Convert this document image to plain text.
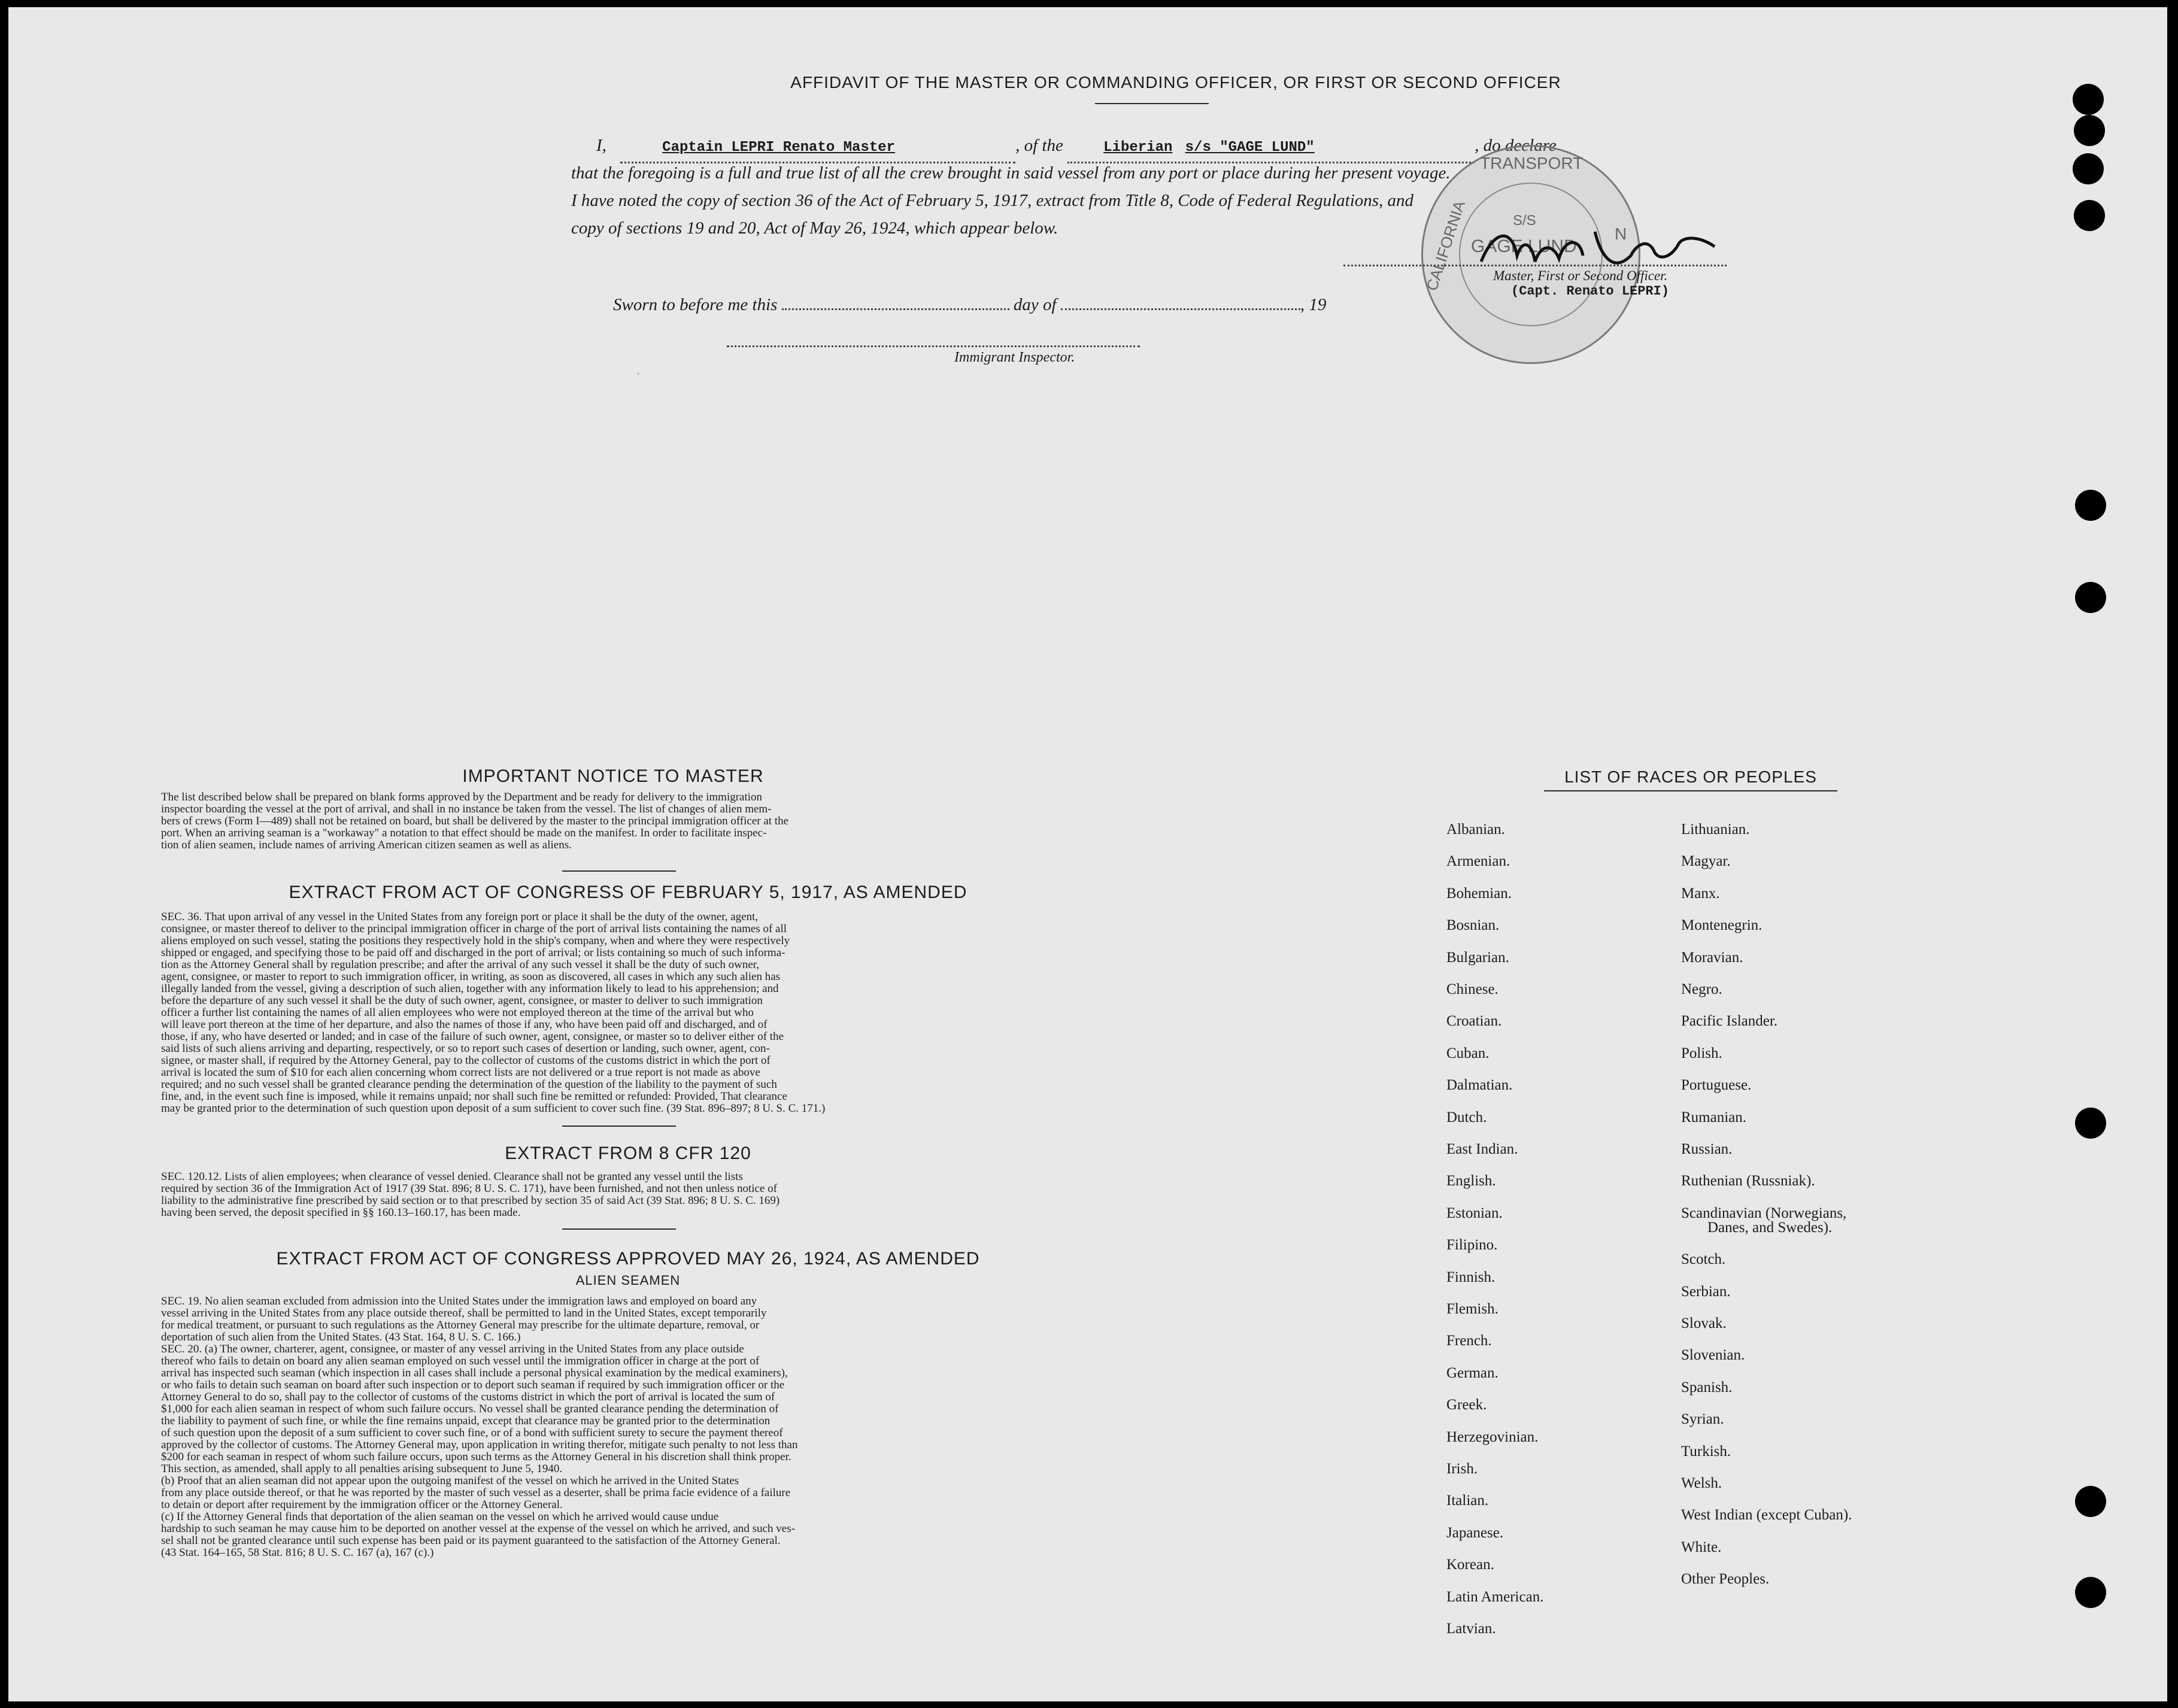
AFFIDAVIT OF THE MASTER OR COMMANDING OFFICER, OR FIRST OR SECOND OFFICER
I,	Captain LEPRI Renato Master	, of the	Liberian s/s "GAGE LUND"	, do declare
that the foregoing is a full and true list of all the crew brought in said vessel from any port or place during her present voyage.
I have noted the copy of section 36 of the Act of February 5, 1917, extract from Title 8, Code of Federal Regulations, and
copy of sections 19 and 20, Act of May 26, 1924, which appear below.
TRANSPORT
CALIFORNIA	N
S/S
GAGE LUND
Master, First or Second Officer.
(Capt. Renato LEPRI)
Sworn to before me this	day of	, 19
Immigrant Inspector.
·
IMPORTANT NOTICE TO MASTER
The list described below shall be prepared on blank forms approved by the Department and be ready for delivery to the immigration
inspector boarding the vessel at the port of arrival, and shall in no instance be taken from the vessel. The list of changes of alien mem-
bers of crews (Form I—489) shall not be retained on board, but shall be delivered by the master to the principal immigration officer at the
port. When an arriving seaman is a "workaway" a notation to that effect should be made on the manifest. In order to facilitate inspec-
tion of alien seamen, include names of arriving American citizen seamen as well as aliens.
EXTRACT FROM ACT OF CONGRESS OF FEBRUARY 5, 1917, AS AMENDED
SEC. 36. That upon arrival of any vessel in the United States from any foreign port or place it shall be the duty of the owner, agent,
consignee, or master thereof to deliver to the principal immigration officer in charge of the port of arrival lists containing the names of all
aliens employed on such vessel, stating the positions they respectively hold in the ship's company, when and where they were respectively
shipped or engaged, and specifying those to be paid off and discharged in the port of arrival; or lists containing so much of such informa-
tion as the Attorney General shall by regulation prescribe; and after the arrival of any such vessel it shall be the duty of such owner,
agent, consignee, or master to report to such immigration officer, in writing, as soon as discovered, all cases in which any such alien has
illegally landed from the vessel, giving a description of such alien, together with any information likely to lead to his apprehension; and
before the departure of any such vessel it shall be the duty of such owner, agent, consignee, or master to deliver to such immigration
officer a further list containing the names of all alien employees who were not employed thereon at the time of the arrival but who
will leave port thereon at the time of her departure, and also the names of those if any, who have been paid off and discharged, and of
those, if any, who have deserted or landed; and in case of the failure of such owner, agent, consignee, or master so to deliver either of the
said lists of such aliens arriving and departing, respectively, or so to report such cases of desertion or landing, such owner, agent, con-
signee, or master shall, if required by the Attorney General, pay to the collector of customs of the customs district in which the port of
arrival is located the sum of $10 for each alien concerning whom correct lists are not delivered or a true report is not made as above
required; and no such vessel shall be granted clearance pending the determination of the question of the liability to the payment of such
fine, and, in the event such fine is imposed, while it remains unpaid; nor shall such fine be remitted or refunded: Provided, That clearance
may be granted prior to the determination of such question upon deposit of a sum sufficient to cover such fine. (39 Stat. 896–897; 8 U. S. C. 171.)
EXTRACT FROM 8 CFR 120
SEC. 120.12. Lists of alien employees; when clearance of vessel denied. Clearance shall not be granted any vessel until the lists
required by section 36 of the Immigration Act of 1917 (39 Stat. 896; 8 U. S. C. 171), have been furnished, and not then unless notice of
liability to the administrative fine prescribed by said section or to that prescribed by section 35 of said Act (39 Stat. 896; 8 U. S. C. 169)
having been served, the deposit specified in §§ 160.13–160.17, has been made.
EXTRACT FROM ACT OF CONGRESS APPROVED MAY 26, 1924, AS AMENDED
ALIEN SEAMEN
SEC. 19. No alien seaman excluded from admission into the United States under the immigration laws and employed on board any
vessel arriving in the United States from any place outside thereof, shall be permitted to land in the United States, except temporarily
for medical treatment, or pursuant to such regulations as the Attorney General may prescribe for the ultimate departure, removal, or
deportation of such alien from the United States. (43 Stat. 164, 8 U. S. C. 166.)
SEC. 20. (a) The owner, charterer, agent, consignee, or master of any vessel arriving in the United States from any place outside
thereof who fails to detain on board any alien seaman employed on such vessel until the immigration officer in charge at the port of
arrival has inspected such seaman (which inspection in all cases shall include a personal physical examination by the medical examiners),
or who fails to detain such seaman on board after such inspection or to deport such seaman if required by such immigration officer or the
Attorney General to do so, shall pay to the collector of customs of the customs district in which the port of arrival is located the sum of
$1,000 for each alien seaman in respect of whom such failure occurs. No vessel shall be granted clearance pending the determination of
the liability to payment of such fine, or while the fine remains unpaid, except that clearance may be granted prior to the determination
of such question upon the deposit of a sum sufficient to cover such fine, or of a bond with sufficient surety to secure the payment thereof
approved by the collector of customs. The Attorney General may, upon application in writing therefor, mitigate such penalty to not less than
$200 for each seaman in respect of whom such failure occurs, upon such terms as the Attorney General in his discretion shall think proper.
This section, as amended, shall apply to all penalties arising subsequent to June 5, 1940.
(b) Proof that an alien seaman did not appear upon the outgoing manifest of the vessel on which he arrived in the United States
from any place outside thereof, or that he was reported by the master of such vessel as a deserter, shall be prima facie evidence of a failure
to detain or deport after requirement by the immigration officer or the Attorney General.
(c) If the Attorney General finds that deportation of the alien seaman on the vessel on which he arrived would cause undue
hardship to such seaman he may cause him to be deported on another vessel at the expense of the vessel on which he arrived, and such ves-
sel shall not be granted clearance until such expense has been paid or its payment guaranteed to the satisfaction of the Attorney General.
(43 Stat. 164–165, 58 Stat. 816; 8 U. S. C. 167 (a), 167 (c).)
LIST OF RACES OR PEOPLES
Albanian.
Armenian.
Bohemian.
Bosnian.
Bulgarian.
Chinese.
Croatian.
Cuban.
Dalmatian.
Dutch.
East Indian.
English.
Estonian.
Filipino.
Finnish.
Flemish.
French.
German.
Greek.
Herzegovinian.
Irish.
Italian.
Japanese.
Korean.
Latin American.
Latvian.
Lithuanian.
Magyar.
Manx.
Montenegrin.
Moravian.
Negro.
Pacific Islander.
Polish.
Portuguese.
Rumanian.
Russian.
Ruthenian (Russniak).
Scandinavian (Norwegians,
Danes, and Swedes).
Scotch.
Serbian.
Slovak.
Slovenian.
Spanish.
Syrian.
Turkish.
Welsh.
West Indian (except Cuban).
White.
Other Peoples.
